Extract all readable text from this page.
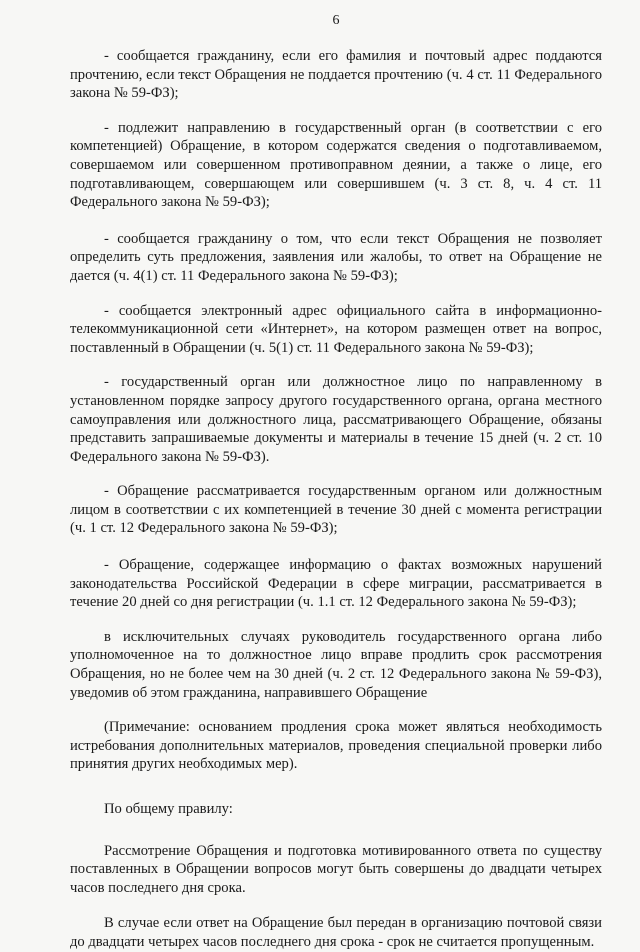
6

- сообщается гражданину, если его фамилия и почтовый адрес поддаются прочтению, если текст Обращения не поддается прочтению (ч. 4 ст. 11 Федерального закона № 59-ФЗ);

- подлежит направлению в государственный орган (в соответствии с его компетенцией) Обращение, в котором содержатся сведения о подготавливаемом, совершаемом или совершенном противоправном деянии, а также о лице, его подготавливающем, совершающем или совершившем (ч. 3 ст. 8, ч. 4 ст. 11 Федерального закона № 59-ФЗ);

- сообщается гражданину о том, что если текст Обращения не позволяет определить суть предложения, заявления или жалобы, то ответ на Обращение не дается (ч. 4(1) ст. 11 Федерального закона № 59-ФЗ);

- сообщается электронный адрес официального сайта в информационно-телекоммуникационной сети «Интернет», на котором размещен ответ на вопрос, поставленный в Обращении (ч. 5(1) ст. 11 Федерального закона № 59-ФЗ);

- государственный орган или должностное лицо по направленному в установленном порядке запросу другого государственного органа, органа местного самоуправления или должностного лица, рассматривающего Обращение, обязаны представить запрашиваемые документы и материалы в течение 15 дней (ч. 2 ст. 10 Федерального закона № 59-ФЗ).

- Обращение рассматривается государственным органом или должностным лицом в соответствии с их компетенцией в течение 30 дней с момента регистрации (ч. 1 ст. 12 Федерального закона № 59-ФЗ);

- Обращение, содержащее информацию о фактах возможных нарушений законодательства Российской Федерации в сфере миграции, рассматривается в течение 20 дней со дня регистрации (ч. 1.1 ст. 12 Федерального закона № 59-ФЗ);

в исключительных случаях руководитель государственного органа либо уполномоченное на то должностное лицо вправе продлить срок рассмотрения Обращения, но не более чем на 30 дней (ч. 2 ст. 12 Федерального закона № 59-ФЗ), уведомив об этом гражданина, направившего Обращение

(Примечание: основанием продления срока может являться необходимость истребования дополнительных материалов, проведения специальной проверки либо принятия других необходимых мер).

По общему правилу:

Рассмотрение Обращения и подготовка мотивированного ответа по существу поставленных в Обращении вопросов могут быть совершены до двадцати четырех часов последнего дня срока.

В случае если ответ на Обращение был передан в организацию почтовой связи до двадцати четырех часов последнего дня срока - срок не считается пропущенным.
